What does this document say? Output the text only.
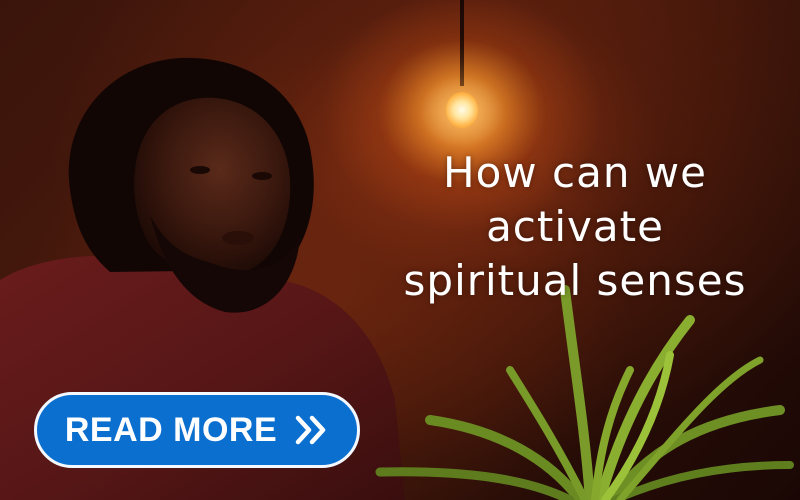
How can we
activate
spiritual senses
READ MORE
